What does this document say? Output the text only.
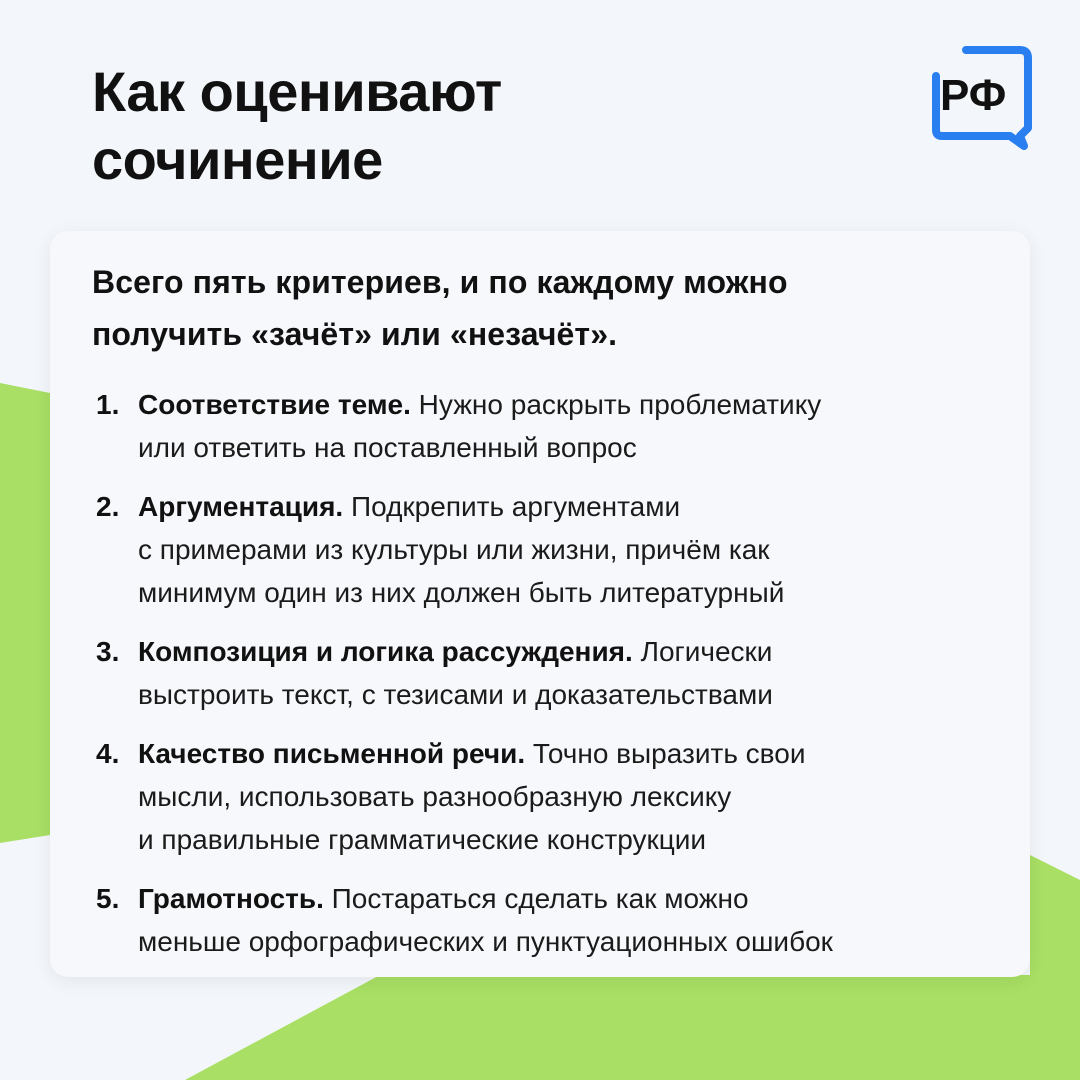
Как оценивают
сочинение
РФ

Всего пять критериев, и по каждому можно
получить «зачёт» или «незачёт».

1. Соответствие теме. Нужно раскрыть проблематику
или ответить на поставленный вопрос
2. Аргументация. Подкрепить аргументами
с примерами из культуры или жизни, причём как
минимум один из них должен быть литературный
3. Композиция и логика рассуждения. Логически
выстроить текст, с тезисами и доказательствами
4. Качество письменной речи. Точно выразить свои
мысли, использовать разнообразную лексику
и правильные грамматические конструкции
5. Грамотность. Постараться сделать как можно
меньше орфографических и пунктуационных ошибок
